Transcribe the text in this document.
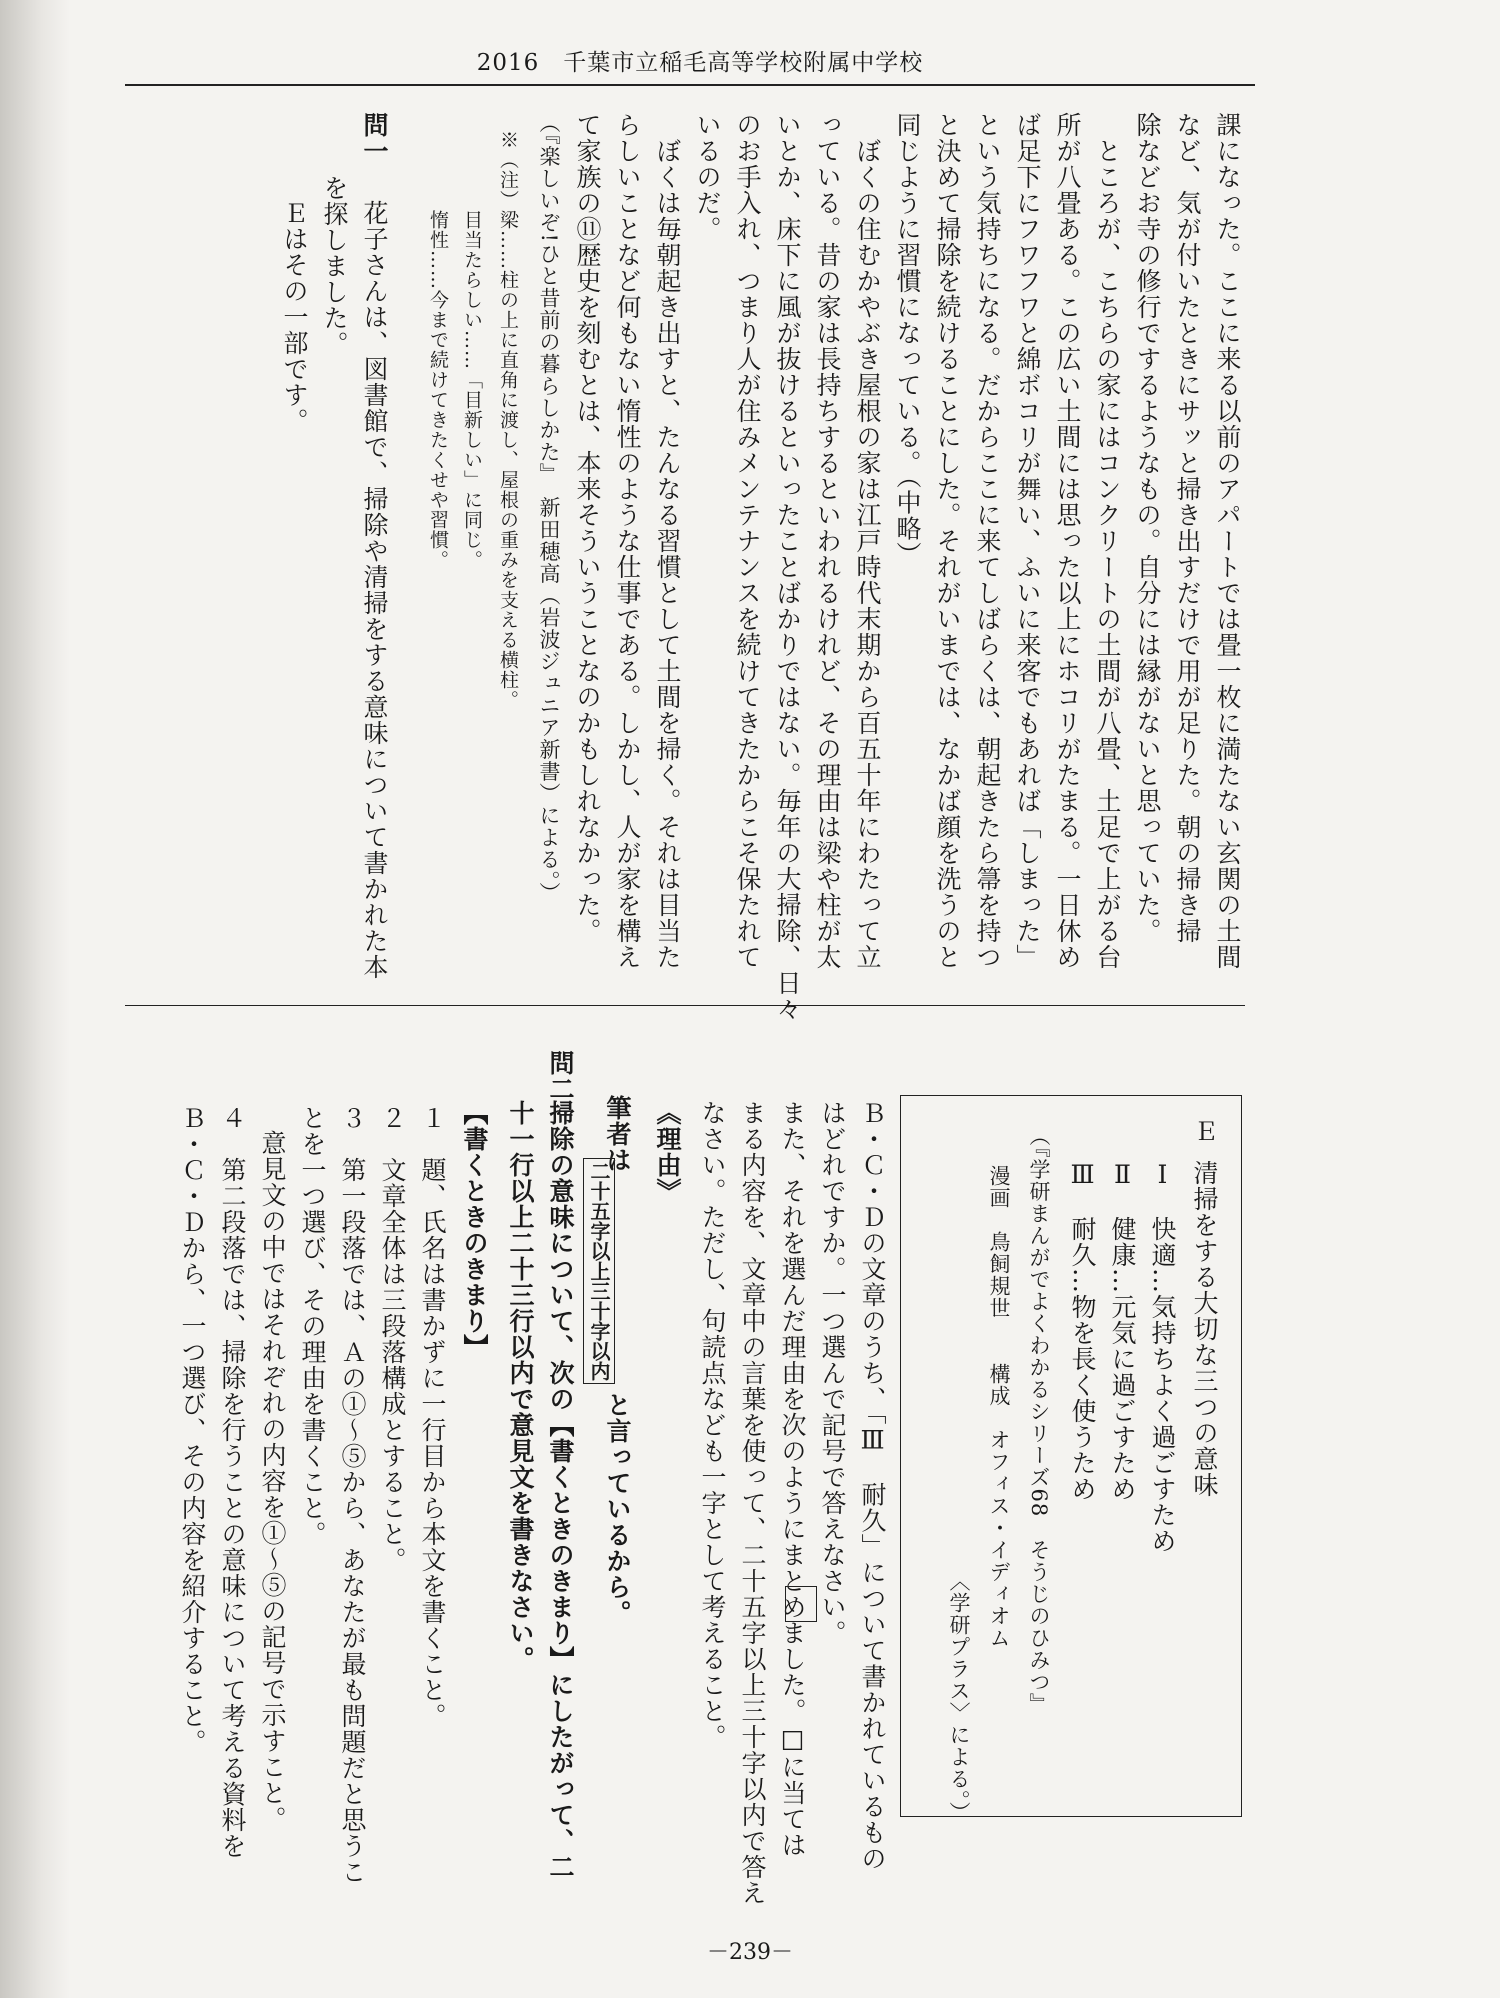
2016　千葉市立稲毛高等学校附属中学校
課になった。ここに来る以前のアパートでは畳一枚に満たない玄関の土間
など、気が付いたときにサッと掃き出すだけで用が足りた。朝の掃き掃
除などお寺の修行でするようなもの。自分には縁がないと思っていた。
　ところが、こちらの家にはコンクリートの土間が八畳、土足で上がる台
所が八畳ある。この広い土間には思った以上にホコリがたまる。一日休め
ば足下にフワフワと綿ボコリが舞い、ふいに来客でもあれば「しまった」
という気持ちになる。だからここに来てしばらくは、朝起きたら箒を持つ
と決めて掃除を続けることにした。それがいまでは、なかば顔を洗うのと
同じように習慣になっている。（中略）
　ぼくの住むかやぶき屋根の家は江戸時代末期から百五十年にわたって立
っている。昔の家は長持ちするといわれるけれど、その理由は梁や柱が太
いとか、床下に風が抜けるといったことばかりではない。毎年の大掃除、日々
のお手入れ、つまり人が住みメンテナンスを続けてきたからこそ保たれて
いるのだ。
　ぼくは毎朝起き出すと、たんなる習慣として土間を掃く。それは目当た
らしいことなど何もない惰性のような仕事である。しかし、人が家を構え
て家族の⑪歴史を刻むとは、本来そういうことなのかもしれなかった。
（『楽しいぞ!ひと昔前の暮らしかた』　新田穂高（岩波ジュニア新書）による。）
※（注）梁……柱の上に直角に渡し、屋根の重みを支える横柱。
目当たらしい……「目新しい」に同じ。
惰性……今まで続けてきたくせや習慣。
問一
花子さんは、図書館で、掃除や清掃をする意味について書かれた本
を探しました。
Ｅはその一部です。
Ｅ
清掃をする大切な三つの意味
Ⅰ　快適…気持ちよく過ごすため
Ⅱ　健康…元気に過ごすため
Ⅲ　耐久…物を長く使うため
（『学研まんがでよくわかるシリーズ68　そうじのひみつ』
漫画　鳥飼規世　　構成　オフィス・イディオム
〈学研プラス〉による。）
Ｂ・Ｃ・Ｄの文章のうち、「Ⅲ　耐久」について書かれているもの
はどれですか。一つ選んで記号で答えなさい。
また、それを選んだ理由を次のようにまとめました。□に当ては
まる内容を、文章中の言葉を使って、二十五字以上三十字以内で答え
なさい。ただし、句読点なども一字として考えること。
《理由》
筆者は
二十五字以上三十字以内
と言っているから。
問二
掃除の意味について、次の【書くときのきまり】にしたがって、二
十一行以上二十三行以内で意見文を書きなさい。
【書くときのきまり】
１　題、氏名は書かずに一行目から本文を書くこと。
２　文章全体は三段落構成とすること。
３　第一段落では、Ａの①～⑤から、あなたが最も問題だと思うこ
とを一つ選び、その理由を書くこと。
意見文の中ではそれぞれの内容を①～⑤の記号で示すこと。
４　第二段落では、掃除を行うことの意味について考える資料を
Ｂ・Ｃ・Ｄから、一つ選び、その内容を紹介すること。
－239－
